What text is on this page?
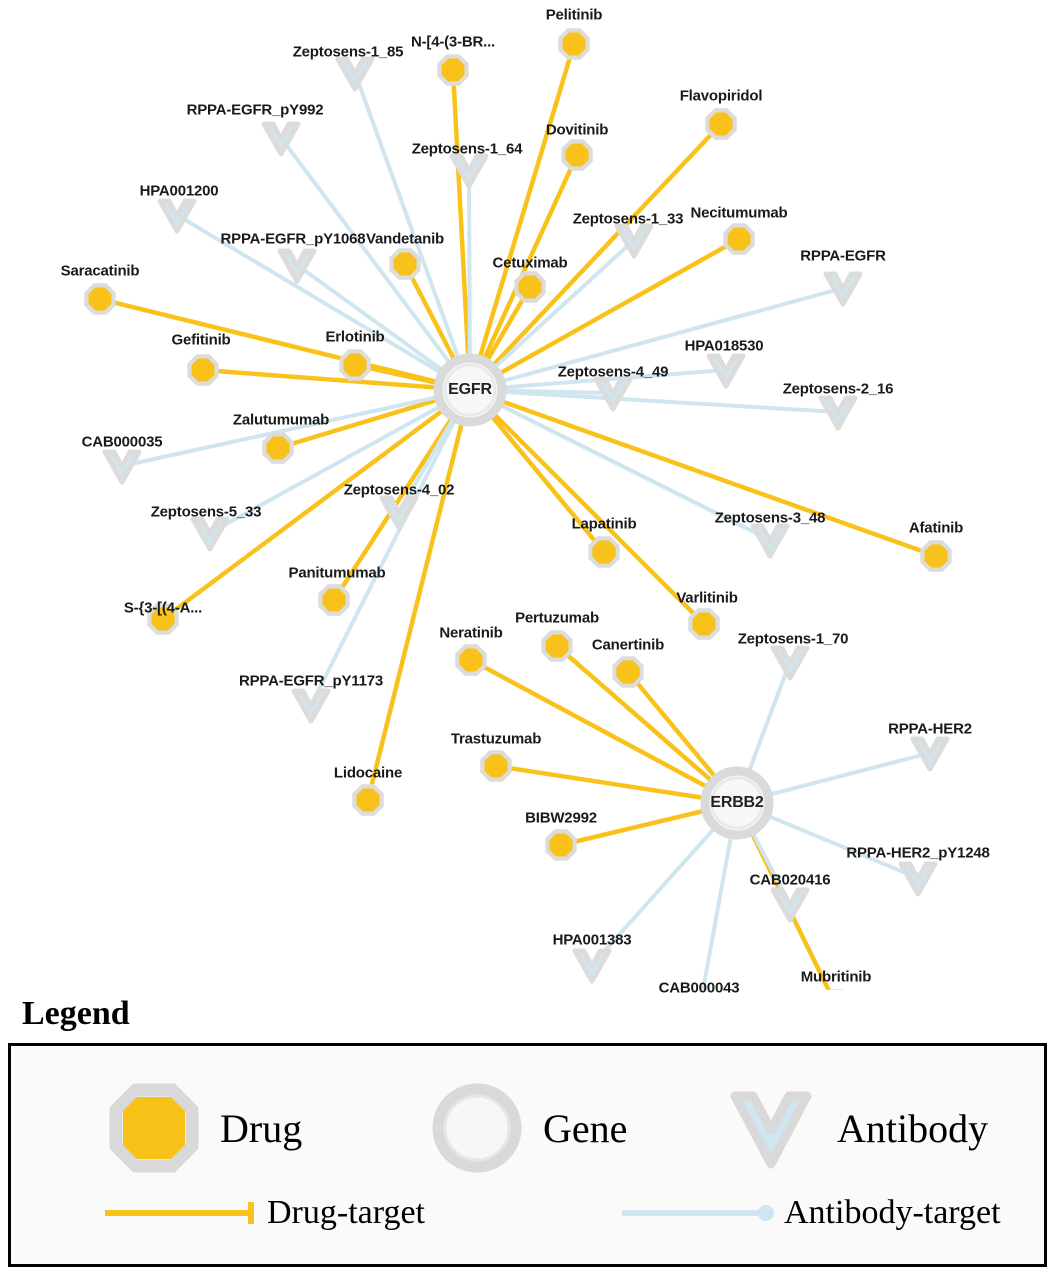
Pelitinib
N-[4-(3-BR...
Flavopiridol
Dovitinib
Necitumumab
Vandetanib
Cetuximab
Saracatinib
Gefitinib	Erlotinib
Zalutumumab
Panitumumab
S-{3-[(4-A...
Lapatinib	Afatinib
Varlitinib
Pertuzumab
Canertinib
Neratinib
Trastuzumab
BIBW2992
Lidocaine
Mubritinib
Zeptosens-1_85
RPPA-EGFR_pY992
Zeptosens-1_64
HPA001200
Zeptosens-1_33
RPPA-EGFR_pY1068
RPPA-EGFR
HPA018530
Zeptosens-4_49
Zeptosens-2_16
CAB000035
Zeptosens-4_02
Zeptosens-5_33	Zeptosens-3_48
RPPA-EGFR_pY1173
Zeptosens-1_70
RPPA-HER2
RPPA-HER2_pY1248
CAB020416
HPA001383
CAB000043
EGFR
ERBB2
Legend
Drug	Gene	Antibody
Drug-target	Antibody-target
